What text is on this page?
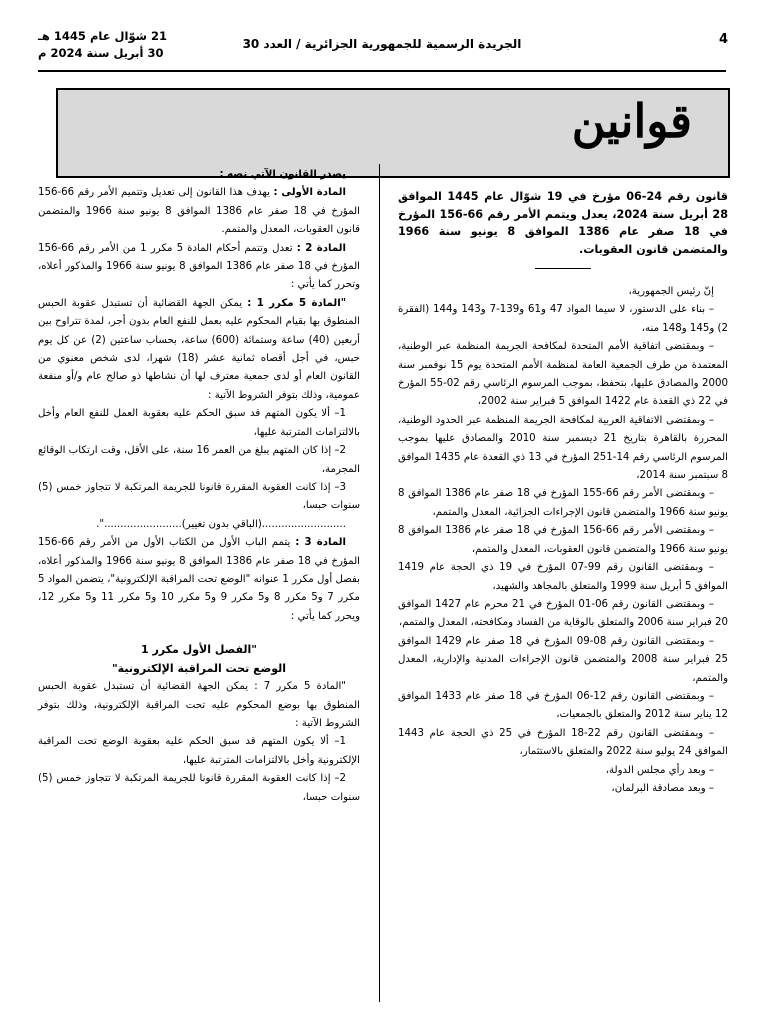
4
الجريدة الرسمية للجمهورية الجزائرية / العدد 30
21 شوّال عام 1445 هـ
30 أبريل سنة 2024 م
قوانين

قانون رقم 24-06 مؤرخ في 19 شوّال عام 1445 الموافق 28 أبريل سنة 2024، يعدل ويتمم الأمر رقم 66-156 المؤرخ في 18 صفر عام 1386 الموافق 8 يونيو سنة 1966 والمتضمن قانون العقوبات.

إنّ رئيس الجمهورية،

– بناء على الدستور، لا سيما المواد 47 و61 و139-7 و143 و144 (الفقرة 2) و145 و148 منه،

– وبمقتضى اتفاقية الأمم المتحدة لمكافحة الجريمة المنظمة عبر الوطنية، المعتمدة من طرف الجمعية العامة لمنظمة الأمم المتحدة يوم 15 نوفمبر سنة 2000 والمصادق عليها، بتحفظ، بموجب المرسوم الرئاسي رقم 02-55 المؤرخ في 22 ذي القعدة عام 1422 الموافق 5 فبراير سنة 2002،

– وبمقتضى الاتفاقية العربية لمكافحة الجريمة المنظمة عبر الحدود الوطنية، المحررة بالقاهرة بتاريخ 21 ديسمبر سنة 2010 والمصادق عليها بموجب المرسوم الرئاسي رقم 14-251 المؤرخ في 13 ذي القعدة عام 1435 الموافق 8 سبتمبر سنة 2014،

– وبمقتضى الأمر رقم 66-155 المؤرخ في 18 صفر عام 1386 الموافق 8 يونيو سنة 1966 والمتضمن قانون الإجراءات الجزائية، المعدل والمتمم،

– وبمقتضى الأمر رقم 66-156 المؤرخ في 18 صفر عام 1386 الموافق 8 يونيو سنة 1966 والمتضمن قانون العقوبات، المعدل والمتمم،

– وبمقتضى القانون رقم 99-07 المؤرخ في 19 ذي الحجة عام 1419 الموافق 5 أبريل سنة 1999 والمتعلق بالمجاهد والشهيد،

– وبمقتضى القانون رقم 06-01 المؤرخ في 21 محرم عام 1427 الموافق 20 فبراير سنة 2006 والمتعلق بالوقاية من الفساد ومكافحته، المعدل والمتمم،

– وبمقتضى القانون رقم 08-09 المؤرخ في 18 صفر عام 1429 الموافق 25 فبراير سنة 2008 والمتضمن قانون الإجراءات المدنية والإدارية، المعدل والمتمم،

– وبمقتضى القانون رقم 12-06 المؤرخ في 18 صفر عام 1433 الموافق 12 يناير سنة 2012 والمتعلق بالجمعيات،

– وبمقتضى القانون رقم 22-18 المؤرخ في 25 ذي الحجة عام 1443 الموافق 24 يوليو سنة 2022 والمتعلق بالاستثمار،

– وبعد رأي مجلس الدولة،

– وبعد مصادقة البرلمان،

يصدر القانون الآتي نصه :

المادة الأولى : يهدف هذا القانون إلى تعديل وتتميم الأمر رقم 66-156 المؤرخ في 18 صفر عام 1386 الموافق 8 يونيو سنة 1966 والمتضمن قانون العقوبات، المعدل والمتمم.

المادة 2 : تعدل وتتمم أحكام المادة 5 مكرر 1 من الأمر رقم 66-156 المؤرخ في 18 صفر عام 1386 الموافق 8 يونيو سنة 1966 والمذكور أعلاه، وتحرر كما يأتي :

"المادة 5 مكرر 1 : يمكن الجهة القضائية أن تستبدل عقوبة الحبس المنطوق بها بقيام المحكوم عليه بعمل للنفع العام بدون أجر، لمدة تتراوح بين أربعين (40) ساعة وستمائة (600) ساعة، بحساب ساعتين (2) عن كل يوم حبس، في أجل أقصاه ثمانية عشر (18) شهرا، لدى شخص معنوي من القانون العام أو لدى جمعية معترف لها أن نشاطها ذو صالح عام و/أو منفعة عمومية، وذلك بتوفر الشروط الآتية :

1– ألا يكون المتهم قد سبق الحكم عليه بعقوبة العمل للنفع العام وأخل بالالتزامات المترتبة عليها،

2– إذا كان المتهم يبلغ من العمر 16 سنة، على الأقل، وقت ارتكاب الوقائع المجرمة،

3– إذا كانت العقوبة المقررة قانونا للجريمة المرتكبة لا تتجاوز خمس (5) سنوات حبسا،

..........................(الباقي بدون تغيير)........................".

المادة 3 : يتمم الباب الأول من الكتاب الأول من الأمر رقم 66-156 المؤرخ في 18 صفر عام 1386 الموافق 8 يونيو سنة 1966 والمذكور أعلاه، بفصل أول مكرر 1 عنوانه "الوضع تحت المراقبة الإلكترونية"، يتضمن المواد 5 مكرر 7 و5 مكرر 8 و5 مكرر 9 و5 مكرر 10 و5 مكرر 11 و5 مكرر 12، ويحرر كما يأتي :

"الفصل الأول مكرر 1

الوضع تحت المراقبة الإلكترونية"

"المادة 5 مكرر 7 : يمكن الجهة القضائية أن تستبدل عقوبة الحبس المنطوق بها بوضع المحكوم عليه تحت المراقبة الإلكترونية، وذلك بتوفر الشروط الآتية :

1– ألا يكون المتهم قد سبق الحكم عليه بعقوبة الوضع تحت المراقبة الإلكترونية وأخل بالالتزامات المترتبة عليها،

2– إذا كانت العقوبة المقررة قانونا للجريمة المرتكبة لا تتجاوز خمس (5) سنوات حبسا،
